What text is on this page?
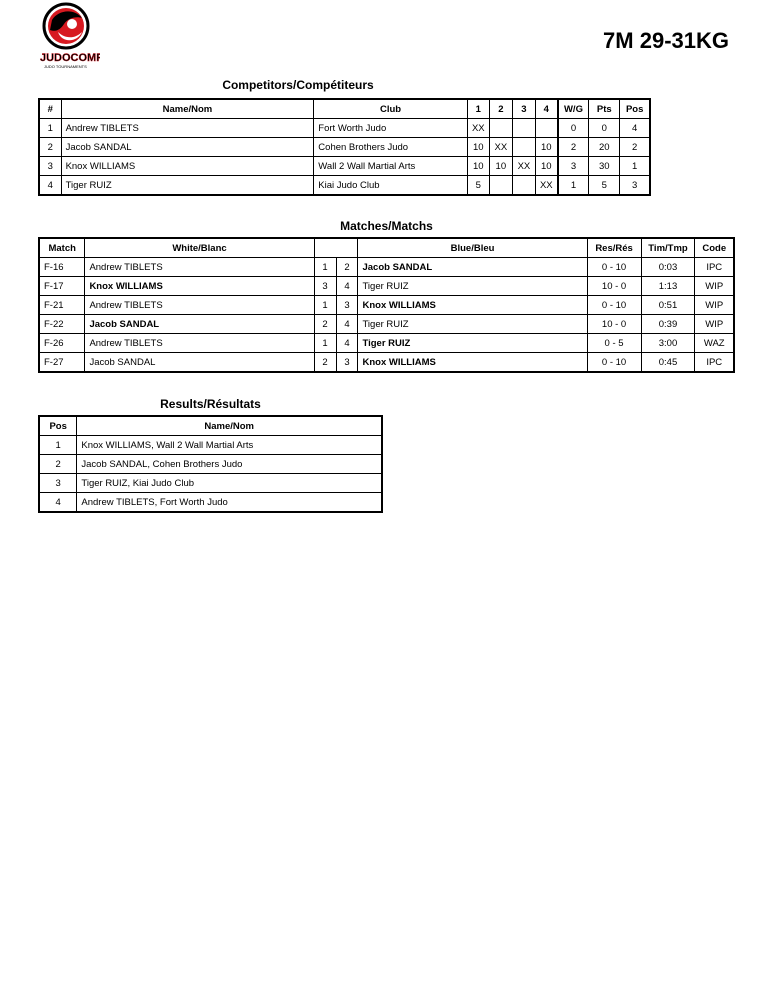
JUDOCOMP
JUDO TOURNAMENTS
7M 29-31KG
Competitors/Compétiteurs
#	Name/Nom	Club	1	2	3	4	W/G	Pts	Pos
1	Andrew TIBLETS	Fort Worth Judo	XX				0	0	4
2	Jacob SANDAL	Cohen Brothers Judo	10	XX		10	2	20	2
3	Knox WILLIAMS	Wall 2 Wall Martial Arts	10	10	XX	10	3	30	1
4	Tiger RUIZ	Kiai Judo Club	5			XX	1	5	3
Matches/Matchs
Match	White/Blanc			Blue/Bleu	Res/Rés	Tim/Tmp	Code
F-16	Andrew TIBLETS	1	2	Jacob SANDAL	0 - 10	0:03	IPC
F-17	Knox WILLIAMS	3	4	Tiger RUIZ	10 - 0	1:13	WIP
F-21	Andrew TIBLETS	1	3	Knox WILLIAMS	0 - 10	0:51	WIP
F-22	Jacob SANDAL	2	4	Tiger RUIZ	10 - 0	0:39	WIP
F-26	Andrew TIBLETS	1	4	Tiger RUIZ	0 - 5	3:00	WAZ
F-27	Jacob SANDAL	2	3	Knox WILLIAMS	0 - 10	0:45	IPC
Results/Résultats
Pos	Name/Nom
1	Knox WILLIAMS, Wall 2 Wall Martial Arts
2	Jacob SANDAL, Cohen Brothers Judo
3	Tiger RUIZ, Kiai Judo Club
4	Andrew TIBLETS, Fort Worth Judo
